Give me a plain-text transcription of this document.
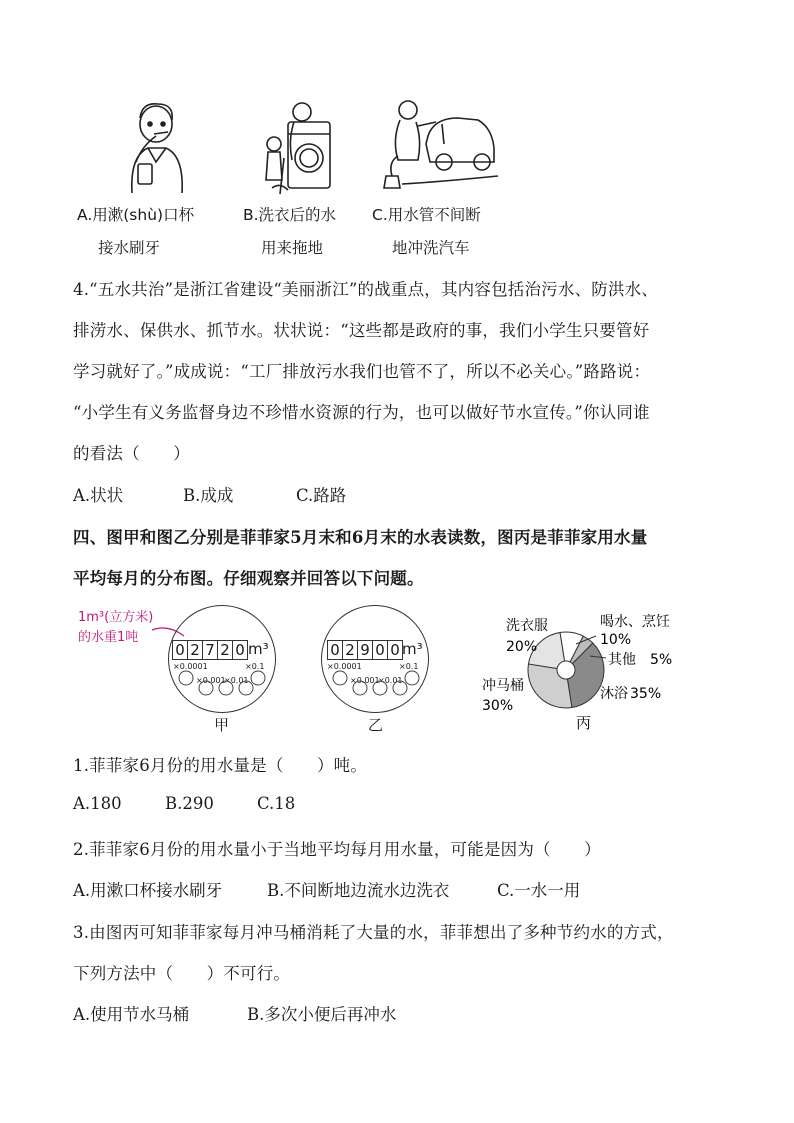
A.用漱(shù)口杯
接水刷牙
B.洗衣后的水
用来拖地
C.用水管不间断
地冲洗汽车
4.“五水共治”是浙江省建设“美丽浙江”的战重点，其内容包括治污水、防洪水、
排涝水、保供水、抓节水。状状说：“这些都是政府的事，我们小学生只要管好
学习就好了。”成成说：“工厂排放污水我们也管不了，所以不必关心。”路路说：
“小学生有义务监督身边不珍惜水资源的行为，也可以做好节水宣传。”你认同谁
的看法（　　）
A.状状	B.成成	C.路路
四、图甲和图乙分别是菲菲家5月末和6月末的水表读数，图丙是菲菲家用水量
平均每月的分布图。仔细观察并回答以下问题。
1m³(立方米)
的水重1吨
0 2 7 2 0 m³
×0.0001	×0.1
×0.001
×0.01
甲
0 2 9 0 0 m³
×0.0001	×0.1
×0.001
×0.01
乙
洗衣服
20%
喝水、烹饪
10%
其他 5%
沐浴 35%
冲马桶
30%
丙
1.菲菲家6月份的用水量是（　　）吨。
A.180	B.290	C.18
2.菲菲家6月份的用水量小于当地平均每月用水量，可能是因为（　　）
A.用漱口杯接水刷牙	B.不间断地边流水边洗衣	C.一水一用
3.由图丙可知菲菲家每月冲马桶消耗了大量的水，菲菲想出了多种节约水的方式，
下列方法中（　　）不可行。
A.使用节水马桶	B.多次小便后再冲水
